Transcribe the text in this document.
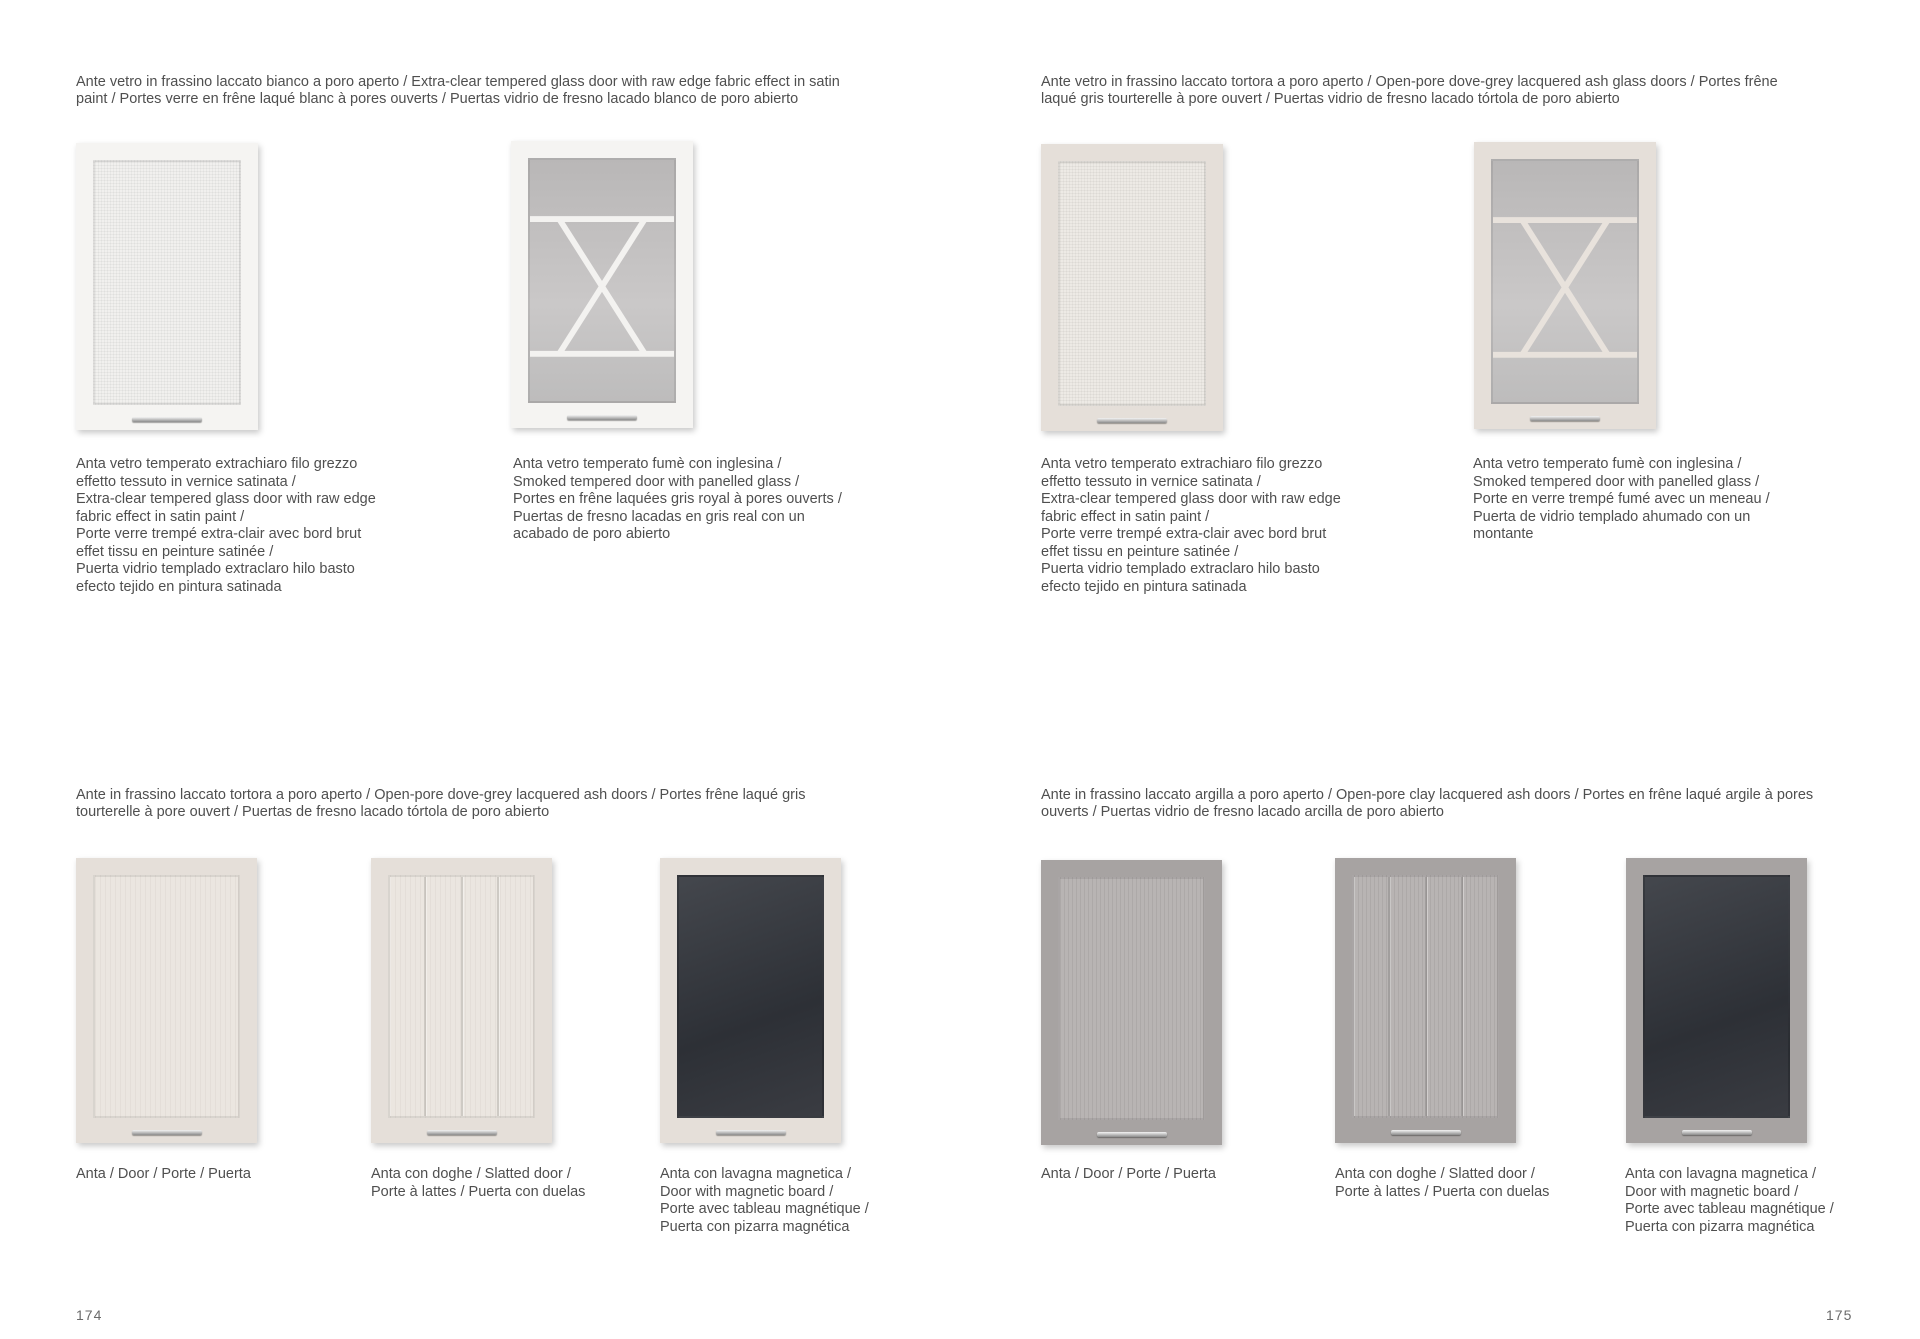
Ante vetro in frassino laccato bianco a poro aperto / Extra-clear tempered glass door with raw edge fabric effect in satin
paint / Portes verre en frêne laqué blanc à pores ouverts / Puertas vidrio de fresno lacado blanco de poro abierto
Ante vetro in frassino laccato tortora a poro aperto / Open-pore dove-grey lacquered ash glass doors / Portes frêne
laqué gris tourterelle à pore ouvert / Puertas vidrio de fresno lacado tórtola de poro abierto
Ante in frassino laccato tortora a poro aperto / Open-pore dove-grey lacquered ash doors / Portes frêne laqué gris
tourterelle à pore ouvert / Puertas de fresno lacado tórtola de poro abierto
Ante in frassino laccato argilla a poro aperto / Open-pore clay lacquered ash doors / Portes en frêne laqué argile à pores
ouverts / Puertas vidrio de fresno lacado arcilla de poro abierto
Anta vetro temperato extrachiaro filo grezzo
effetto tessuto in vernice satinata /
Extra-clear tempered glass door with raw edge
fabric effect in satin paint /
Porte verre trempé extra-clair avec bord brut
effet tissu en peinture satinée /
Puerta vidrio templado extraclaro hilo basto
efecto tejido en pintura satinada
Anta vetro temperato fumè con inglesina /
Smoked tempered door with panelled glass /
Portes en frêne laquées gris royal à pores ouverts /
Puertas de fresno lacadas en gris real con un
acabado de poro abierto
Anta vetro temperato extrachiaro filo grezzo
effetto tessuto in vernice satinata /
Extra-clear tempered glass door with raw edge
fabric effect in satin paint /
Porte verre trempé extra-clair avec bord brut
effet tissu en peinture satinée /
Puerta vidrio templado extraclaro hilo basto
efecto tejido en pintura satinada
Anta vetro temperato fumè con inglesina /
Smoked tempered door with panelled glass /
Porte en verre trempé fumé avec un meneau /
Puerta de vidrio templado ahumado con un
montante
Anta / Door / Porte / Puerta	Anta con doghe / Slatted door /
Porte à lattes / Puerta con duelas
Anta con lavagna magnetica /
Door with magnetic board /
Porte avec tableau magnétique /
Puerta con pizarra magnética
Anta / Door / Porte / Puerta	Anta con doghe / Slatted door /
Porte à lattes / Puerta con duelas
Anta con lavagna magnetica /
Door with magnetic board /
Porte avec tableau magnétique /
Puerta con pizarra magnética
174	175
